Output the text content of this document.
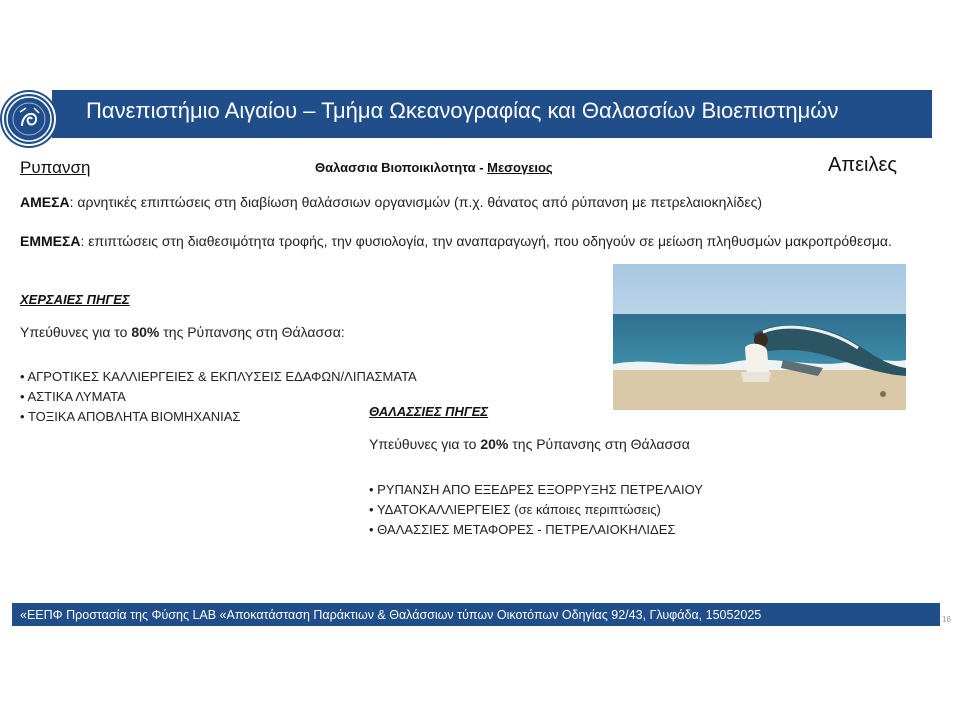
Πανεπιστήμιο Αιγαίου – Τμήμα Ωκεανογραφίας και Θαλασσίων Βιοεπιστημών
Ρυπανση	Θαλασσια Βιοποικιλοτητα - Μεσογειος	Απειλες
ΑΜΕΣΑ: αρνητικές επιπτώσεις στη διαβίωση θαλάσσιων οργανισμών (π.χ. θάνατος από ρύπανση με πετρελαιοκηλίδες)
ΕΜΜΕΣΑ: επιπτώσεις στη διαθεσιμότητα τροφής, την φυσιολογία, την αναπαραγωγή, που οδηγούν σε μείωση πληθυσμών μακροπρόθεσμα.
ΧΕΡΣΑΙΕΣ ΠΗΓΕΣ
Υπεύθυνες για το 80% της Ρύπανσης στη Θάλασσα:
• ΑΓΡΟΤΙΚΕΣ ΚΑΛΛΙΕΡΓΕΙΕΣ & ΕΚΠΛΥΣΕΙΣ ΕΔΑΦΩΝ/ΛΙΠΑΣΜΑΤΑ
• ΑΣΤΙΚΑ ΛΥΜΑΤΑ
• ΤΟΞΙΚΑ ΑΠΟΒΛΗΤΑ ΒΙΟΜΗΧΑΝΙΑΣ	ΘΑΛΑΣΣΙΕΣ ΠΗΓΕΣ
Υπεύθυνες για το 20% της Ρύπανσης στη Θάλασσα
• ΡΥΠΑΝΣΗ ΑΠΟ ΕΞΕΔΡΕΣ ΕΞΟΡΡΥΞΗΣ ΠΕΤΡΕΛΑΙΟΥ
• ΥΔΑΤΟΚΑΛΛΙΕΡΓΕΙΕΣ (σε κάποιες περιπτώσεις)
• ΘΑΛΑΣΣΙΕΣ ΜΕΤΑΦΟΡΕΣ - ΠΕΤΡΕΛΑΙΟΚΗΛΙΔΕΣ
«ΕΕΠΦ Προστασία της Φύσης LAB «Αποκατάσταση Παράκτιων & Θαλάσσιων τύπων Οικοτόπων Οδηγίας 92/43, Γλυφάδα, 15052025	16
